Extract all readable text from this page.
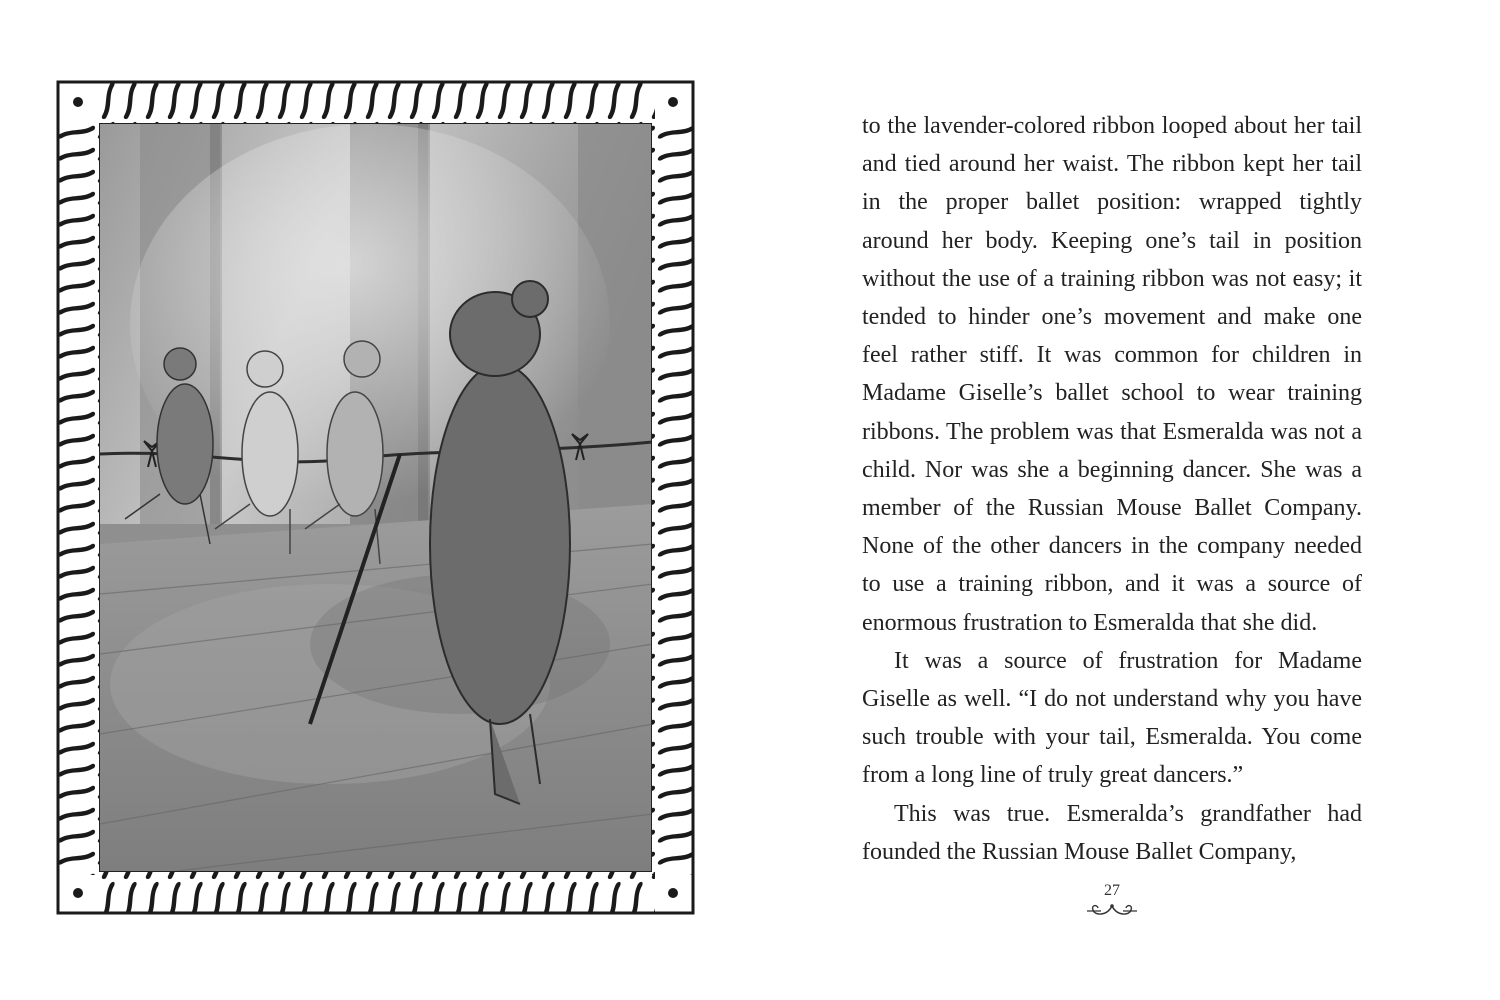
to the lavender-colored ribbon looped about her tail and tied around her waist. The ribbon kept her tail in the proper ballet position: wrapped tightly around her body. Keeping one’s tail in position without the use of a training ribbon was not easy; it tended to hinder one’s movement and make one feel rather stiff. It was common for children in Madame Giselle’s ballet school to wear training ribbons. The problem was that Esmeralda was not a child. Nor was she a beginning dancer. She was a member of the Russian Mouse Ballet Company. None of the other dancers in the company needed to use a training ribbon, and it was a source of enormous frustration to Esmeralda that she did.

It was a source of frustration for Madame Giselle as well. “I do not understand why you have such trouble with your tail, Esmeralda. You come from a long line of truly great dancers.”

This was true. Esmeralda’s grandfather had founded the Russian Mouse Ballet Company,

27
